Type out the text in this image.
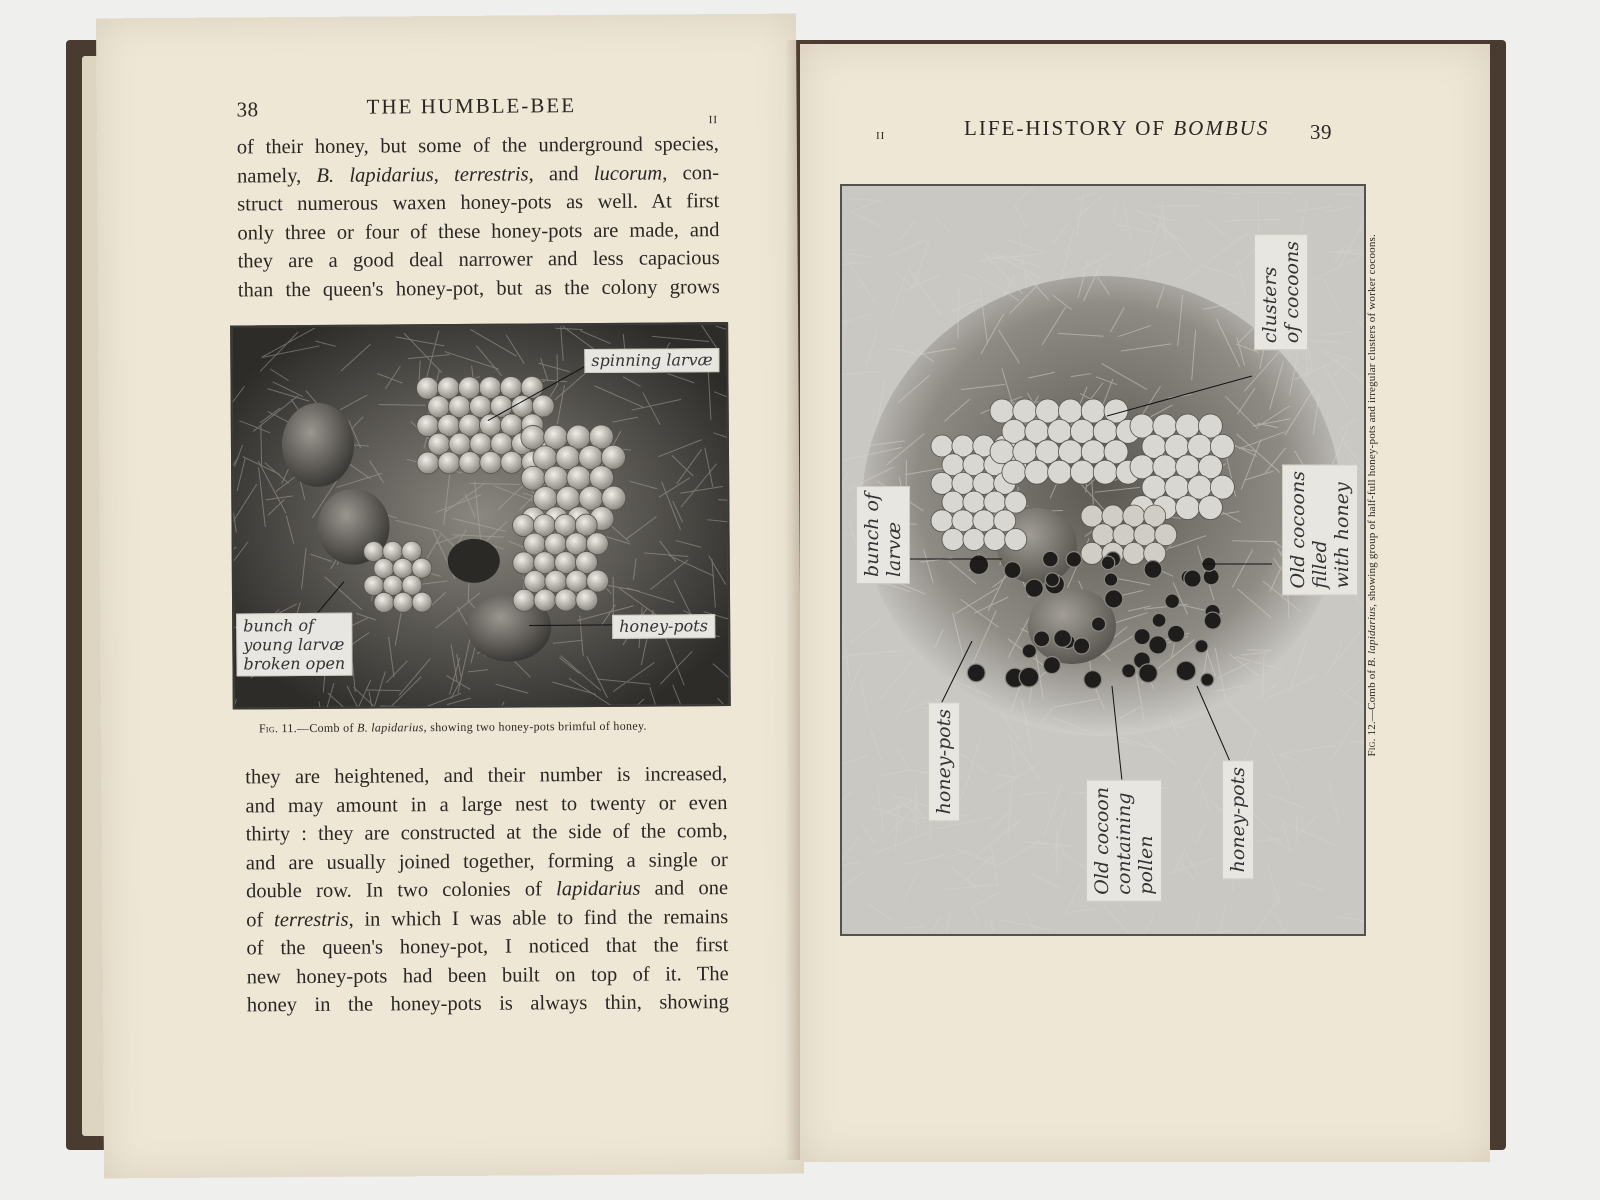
38	THE HUMBLE-BEE
II
of their honey, but some of the underground species,
namely, B. lapidarius, terrestris, and lucorum, con-
struct numerous waxen honey-pots as well. At first
only three or four of these honey-pots are made, and
they are a good deal narrower and less capacious
than the queen's honey-pot, but as the colony grows
spinning larvæ
honey-pots
bunch of
young larvæ
broken open
Fig. 11.—Comb of B. lapidarius, showing two honey-pots brimful of honey.
they are heightened, and their number is increased,
and may amount in a large nest to twenty or even
thirty : they are constructed at the side of the comb,
and are usually joined together, forming a single or
double row. In two colonies of lapidarius and one
of terrestris, in which I was able to find the remains
of the queen's honey-pot, I noticed that the first
new honey-pots had been built on top of it. The
honey in the honey-pots is always thin, showing
II	LIFE-HISTORY OF BOMBUS 39
clusters of cocoons
bunch of larvæ	Old cocoons filled with honey
honey-pots
Old cocoon containing pollen	honey-pots
Fig. 12.—Comb of B. lapidarius, showing group of half-full honey-pots and irregular clusters of worker cocoons.
